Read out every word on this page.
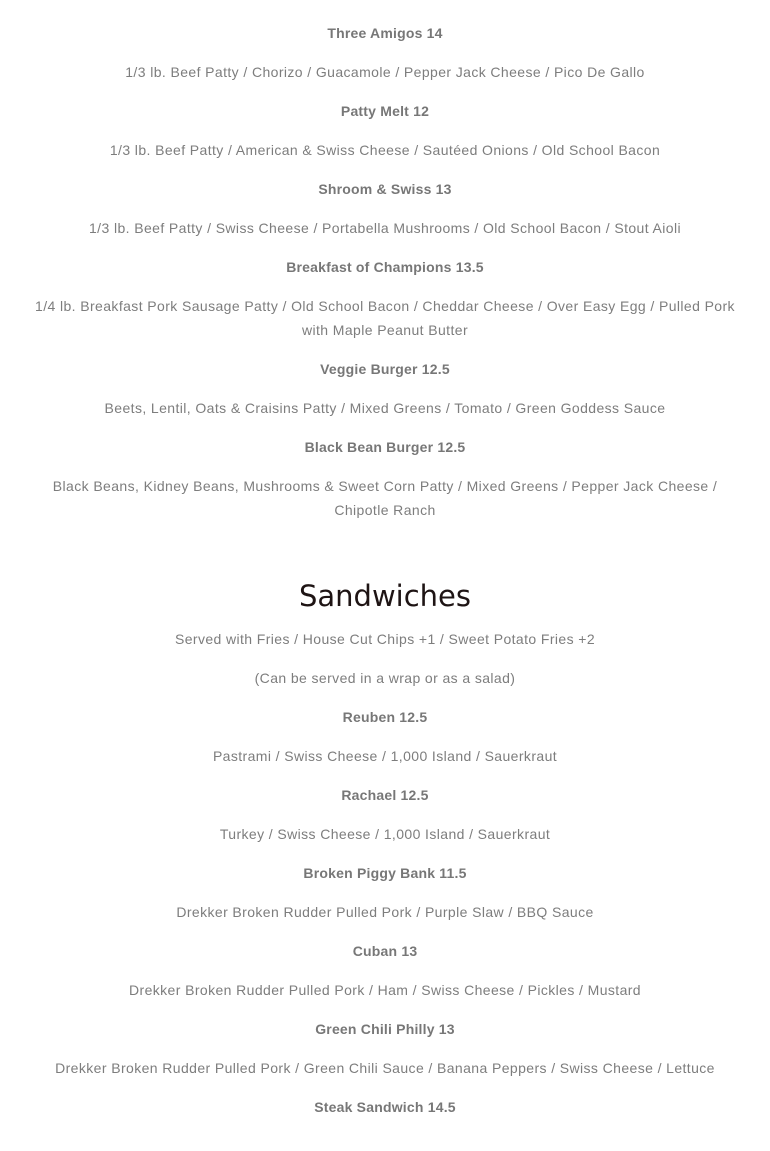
Three Amigos 14

1/3 lb. Beef Patty / Chorizo / Guacamole / Pepper Jack Cheese / Pico De Gallo

Patty Melt 12

1/3 lb. Beef Patty / American & Swiss Cheese / Sautéed Onions / Old School Bacon

Shroom & Swiss 13

1/3 lb. Beef Patty / Swiss Cheese / Portabella Mushrooms / Old School Bacon / Stout Aioli

Breakfast of Champions 13.5

1/4 lb. Breakfast Pork Sausage Patty / Old School Bacon / Cheddar Cheese / Over Easy Egg / Pulled Pork with Maple Peanut Butter

Veggie Burger 12.5

Beets, Lentil, Oats & Craisins Patty / Mixed Greens / Tomato / Green Goddess Sauce

Black Bean Burger 12.5

Black Beans, Kidney Beans, Mushrooms & Sweet Corn Patty / Mixed Greens / Pepper Jack Cheese / Chipotle Ranch

Sandwiches

Served with Fries / House Cut Chips +1 / Sweet Potato Fries +2

(Can be served in a wrap or as a salad)

Reuben 12.5

Pastrami / Swiss Cheese / 1,000 Island / Sauerkraut

Rachael 12.5

Turkey / Swiss Cheese / 1,000 Island / Sauerkraut

Broken Piggy Bank 11.5

Drekker Broken Rudder Pulled Pork / Purple Slaw / BBQ Sauce

Cuban 13

Drekker Broken Rudder Pulled Pork / Ham / Swiss Cheese / Pickles / Mustard

Green Chili Philly 13

Drekker Broken Rudder Pulled Pork / Green Chili Sauce / Banana Peppers / Swiss Cheese / Lettuce

Steak Sandwich 14.5
